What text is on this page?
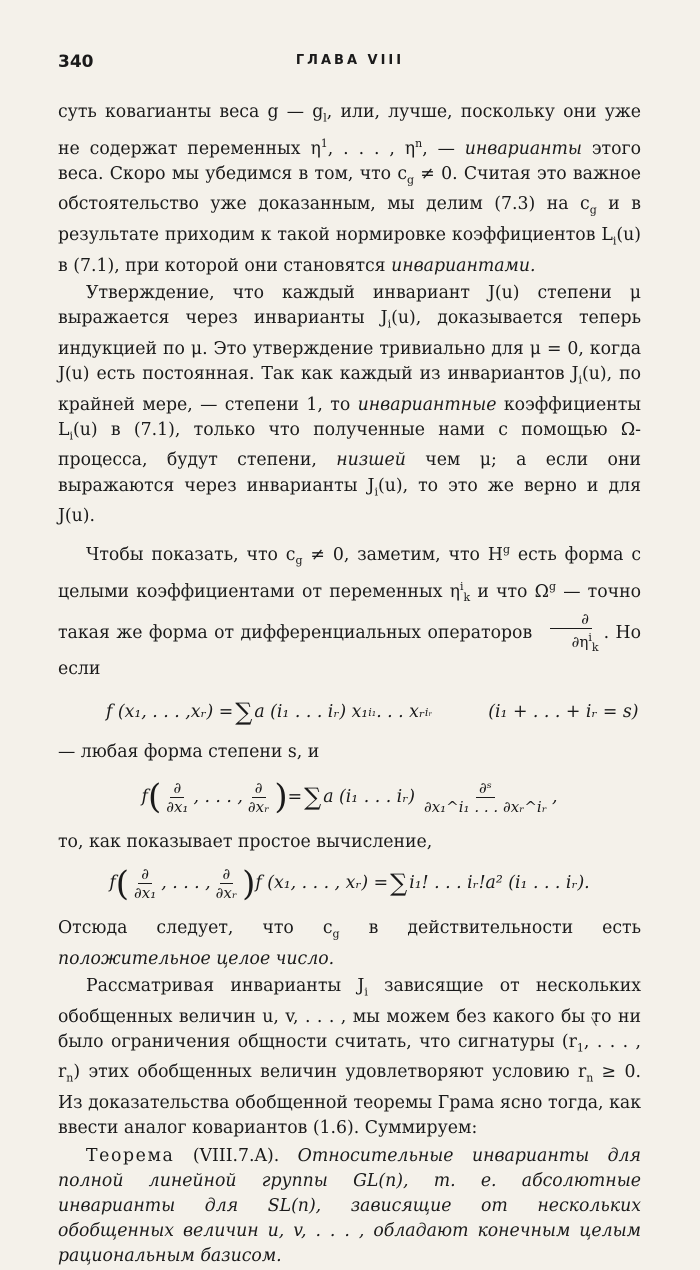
340	ГЛАВА VIII

суть ковarианты веса g — $g_l$, или, лучше, поскольку они уже не содержат переменных $\eta^1$, . . . , $\eta^n$, — инварианты этого веса. Скоро мы убедимся в том, что $c_g \ne 0$. Считая это важное обстоятельство уже доказанным, мы делим (7.3) на $c_g$ и в результате приходим к такой нормировке коэффициентов $L_i(u)$ в (7.1), при которой они становятся инвариантами.

Утверждение, что каждый инвариант J(u) степени μ выражается через инварианты $J_i(u)$, доказывается теперь индукцией по μ. Это утверждение тривиально для μ = 0, когда J(u) есть постоянная. Так как каждый из инвариантов $J_i(u)$, по крайней мере, — степени 1, то инвариантные коэффициенты $L_i(u)$ в (7.1), только что полученные нами с помощью Ω-процесса, будут степени, низшей чем μ; а если они выражаются через инварианты $J_i(u)$, то это же верно и для J(u).

Чтобы показать, что $c_g \ne 0$, заметим, что $H^g$ есть форма с целыми коэффициентами от переменных $\eta^i_k$ и что $\Omega^g$ — точно такая же форма от дифференциальных операторов $\frac{\partial}{\partial\eta^i_k}$ . Но если

f (x₁, . . . ,xᵣ) = ∑ a (i₁ . . . iᵣ) x₁ i₁ . . . xᵣ iᵣ	(i₁ + . . . + iᵣ = s)

— любая форма степени s, и

f ( $\frac{\partial}{\text{∂x₁}}$ , . . . , $\frac{\partial}{\text{∂xᵣ}}$ ) = ∑ a (i₁ . . . iᵣ) $\frac{\text{∂ˢ}}{\text{∂x₁\textasciicircum{}i₁ . . . ∂xᵣ\textasciicircum{}iᵣ}}$ ,

то, как показывает простое вычисление,

f ( $\frac{\partial}{\text{∂x₁}}$ , . . . , $\frac{\partial}{\text{∂xᵣ}}$ ) f (x₁, . . . , xᵣ) = ∑ i₁! . . . iᵣ!a² (i₁ . . . iᵣ).

Отсюда следует, что $c_g$ в действительности есть положительное целое число.

Рассматривая инварианты $J_i$ зависящие от нескольких обобщенных величин u, v, . . . , мы можем без какого бы то ни было ограничения общности считать, что сигнатуры ($r_1$, . . . , $r_n$) этих обобщенных величин удовлетворяют условию $r_n \ge 0$. Из доказательства обобщенной теоремы Грама ясно тогда, как ввести аналог ковариантов (1.6). Суммируем:

Теорема (VIII.7.A). Относительные инварианты для полной линейной группы GL(n), т. е. абсолютные инварианты для SL(n), зависящие от нескольких обобщенных величин u, v, . . . , обладают конечным целым рациональным базисом.
